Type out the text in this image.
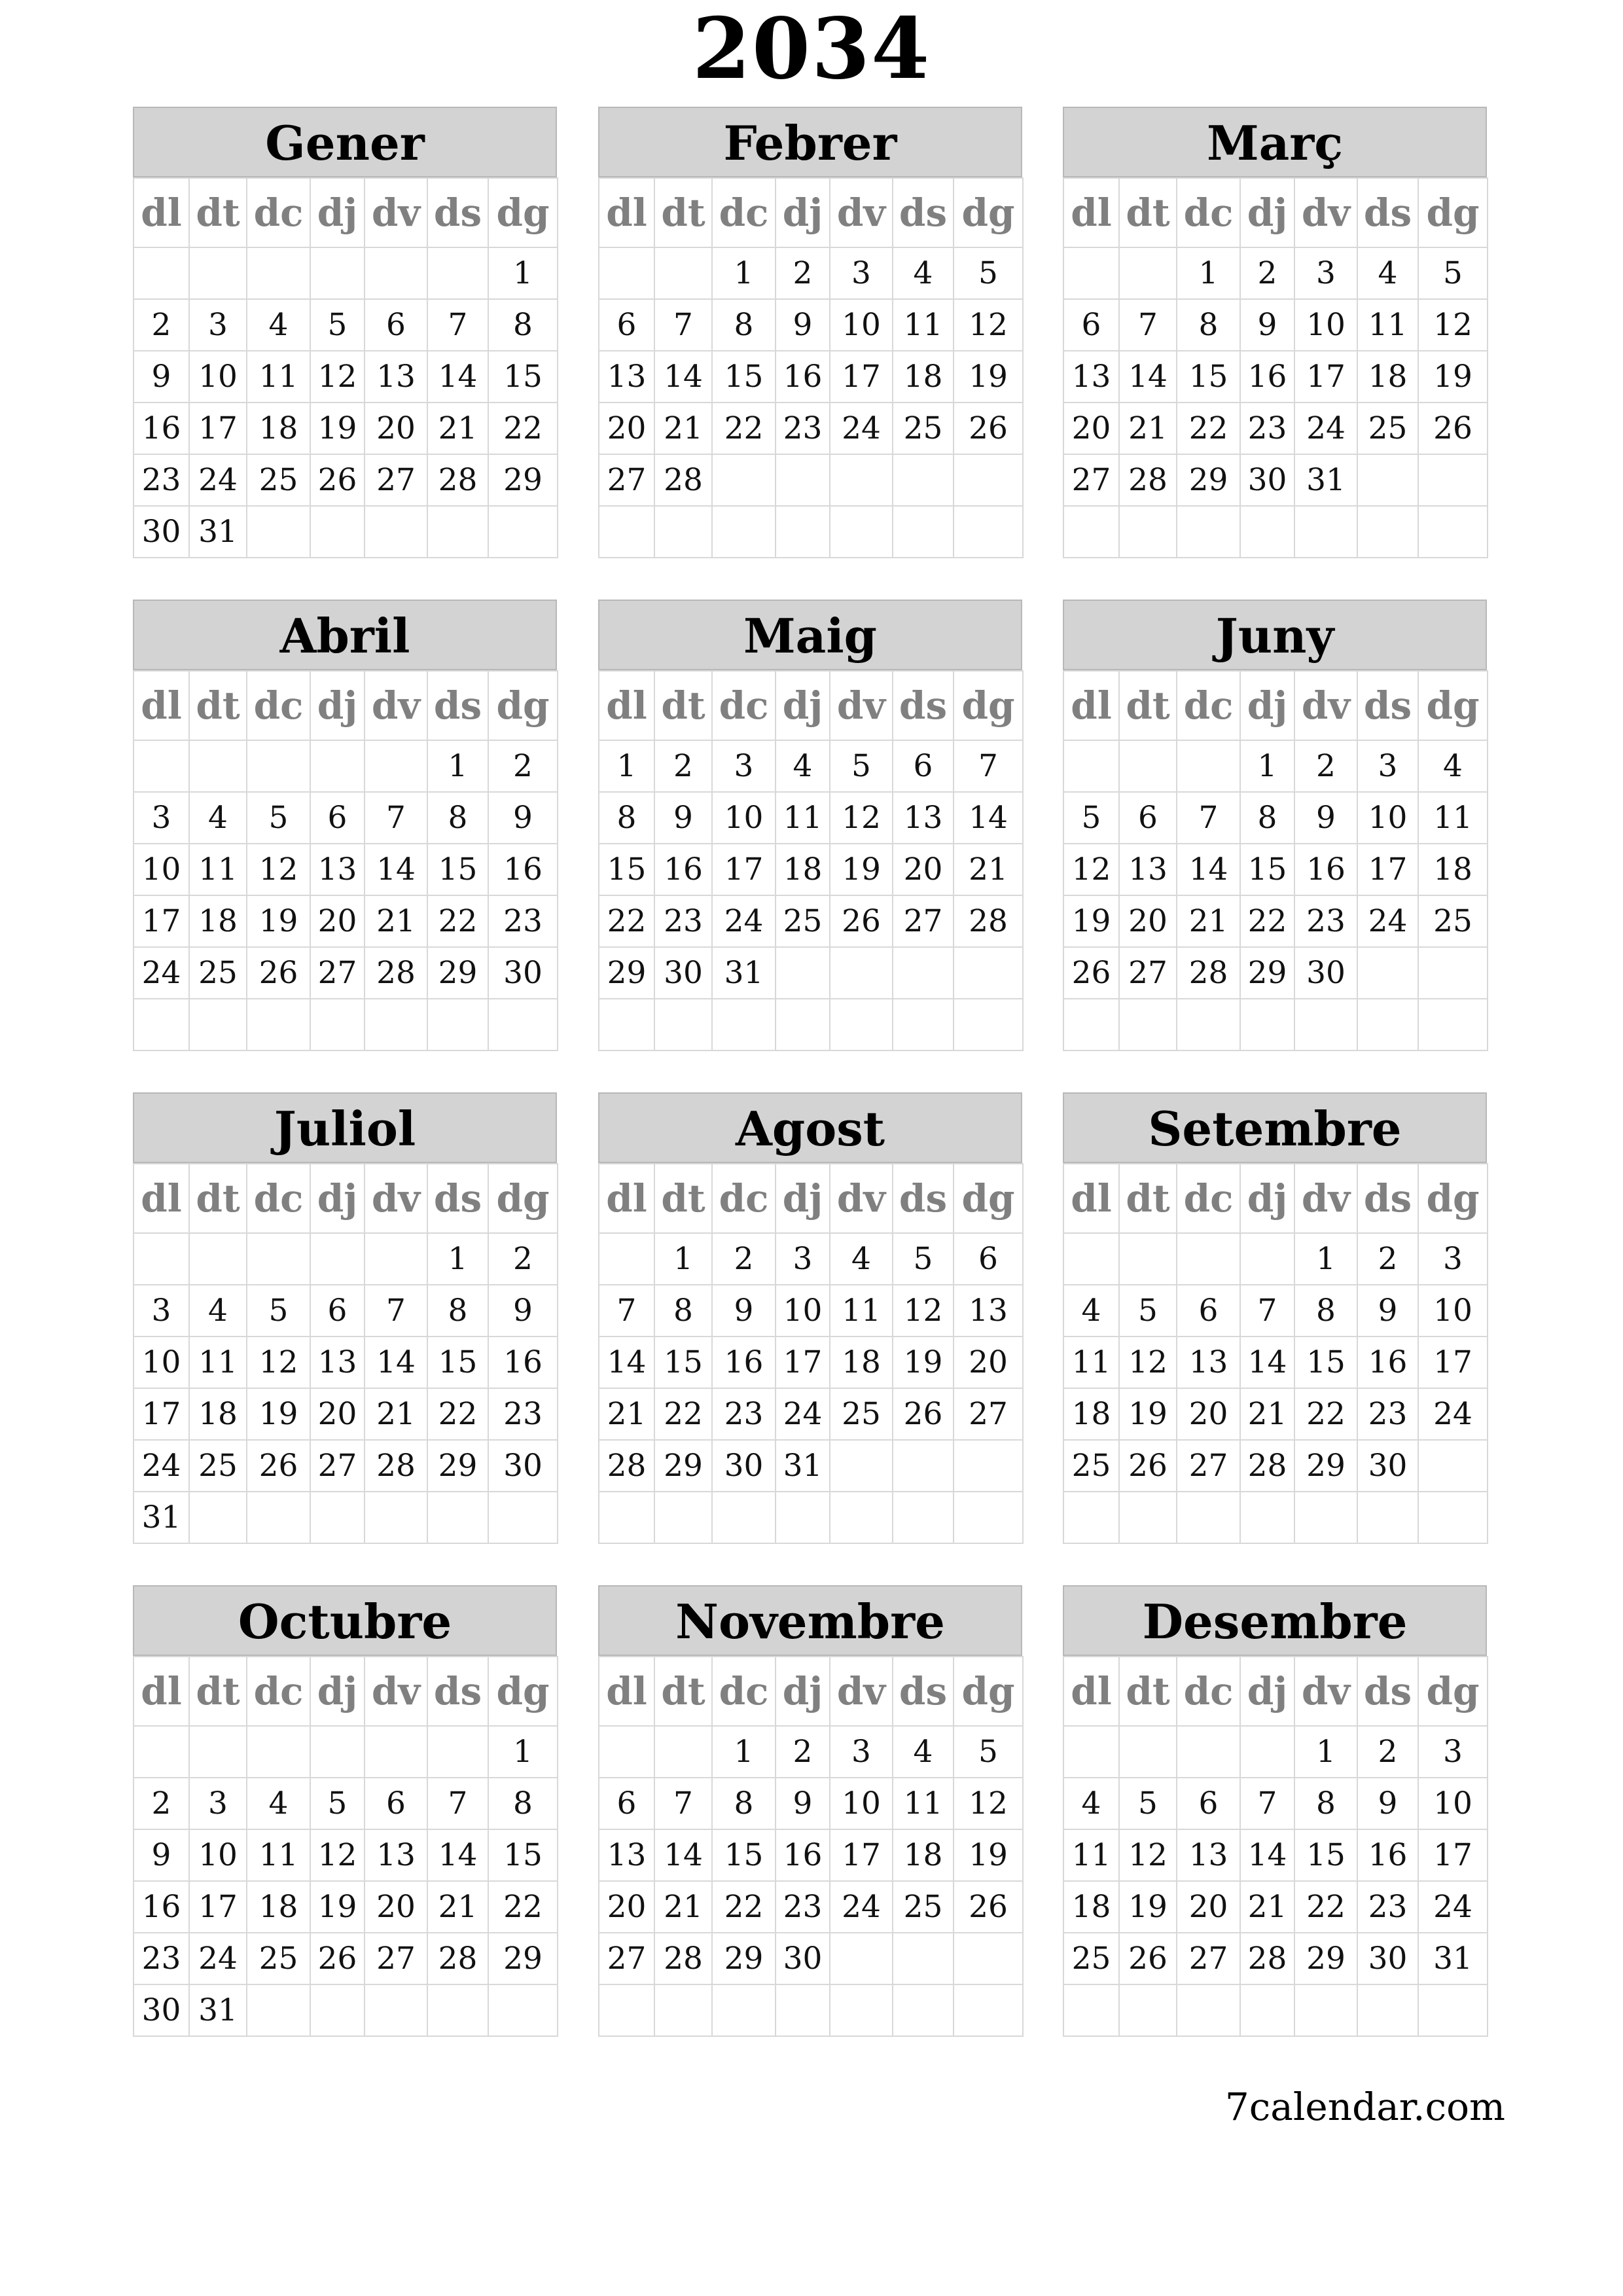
2034
Gener
dl	dt	dc	dj	dv	ds	dg
						1
2	3	4	5	6	7	8
9	10	11	12	13	14	15
16	17	18	19	20	21	22
23	24	25	26	27	28	29
30	31					
Febrer
dl	dt	dc	dj	dv	ds	dg
		1	2	3	4	5
6	7	8	9	10	11	12
13	14	15	16	17	18	19
20	21	22	23	24	25	26
27	28					

Març
dl	dt	dc	dj	dv	ds	dg
		1	2	3	4	5
6	7	8	9	10	11	12
13	14	15	16	17	18	19
20	21	22	23	24	25	26
27	28	29	30	31		

Abril
dl	dt	dc	dj	dv	ds	dg
					1	2
3	4	5	6	7	8	9
10	11	12	13	14	15	16
17	18	19	20	21	22	23
24	25	26	27	28	29	30

Maig
dl	dt	dc	dj	dv	ds	dg
1	2	3	4	5	6	7
8	9	10	11	12	13	14
15	16	17	18	19	20	21
22	23	24	25	26	27	28
29	30	31				

Juny
dl	dt	dc	dj	dv	ds	dg
			1	2	3	4
5	6	7	8	9	10	11
12	13	14	15	16	17	18
19	20	21	22	23	24	25
26	27	28	29	30		

Juliol
dl	dt	dc	dj	dv	ds	dg
					1	2
3	4	5	6	7	8	9
10	11	12	13	14	15	16
17	18	19	20	21	22	23
24	25	26	27	28	29	30
31						
Agost
dl	dt	dc	dj	dv	ds	dg
	1	2	3	4	5	6
7	8	9	10	11	12	13
14	15	16	17	18	19	20
21	22	23	24	25	26	27
28	29	30	31			

Setembre
dl	dt	dc	dj	dv	ds	dg
				1	2	3
4	5	6	7	8	9	10
11	12	13	14	15	16	17
18	19	20	21	22	23	24
25	26	27	28	29	30	

Octubre
dl	dt	dc	dj	dv	ds	dg
						1
2	3	4	5	6	7	8
9	10	11	12	13	14	15
16	17	18	19	20	21	22
23	24	25	26	27	28	29
30	31					
Novembre
dl	dt	dc	dj	dv	ds	dg
		1	2	3	4	5
6	7	8	9	10	11	12
13	14	15	16	17	18	19
20	21	22	23	24	25	26
27	28	29	30			

Desembre
dl	dt	dc	dj	dv	ds	dg
				1	2	3
4	5	6	7	8	9	10
11	12	13	14	15	16	17
18	19	20	21	22	23	24
25	26	27	28	29	30	31

7calendar.com
